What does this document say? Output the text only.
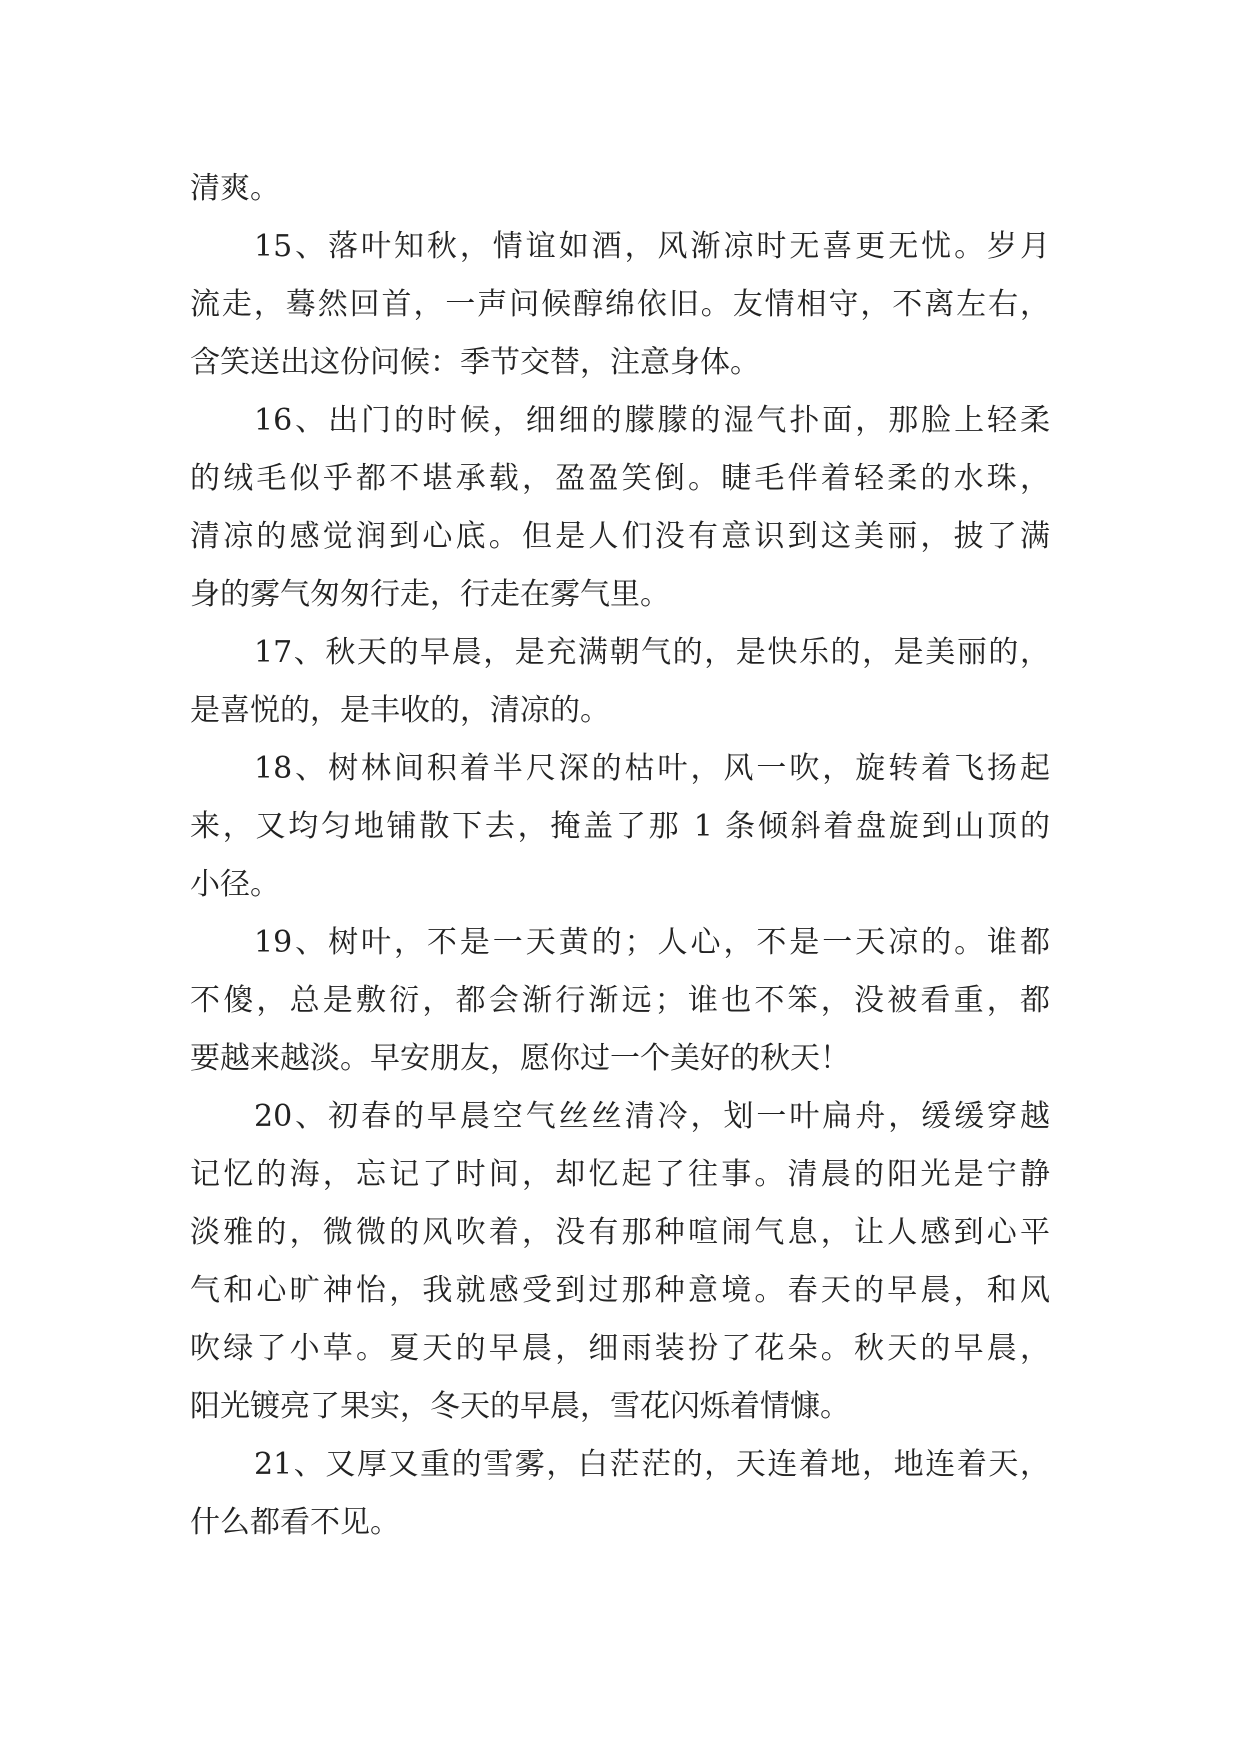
清爽。
15、落叶知秋，情谊如酒，风渐凉时无喜更无忧。岁月
流走，蓦然回首，一声问候醇绵依旧。友情相守，不离左右，
含笑送出这份问候：季节交替，注意身体。
16、出门的时候，细细的朦朦的湿气扑面，那脸上轻柔
的绒毛似乎都不堪承载，盈盈笑倒。睫毛伴着轻柔的水珠，
清凉的感觉润到心底。但是人们没有意识到这美丽，披了满
身的雾气匆匆行走，行走在雾气里。
17、秋天的早晨，是充满朝气的，是快乐的，是美丽的，
是喜悦的，是丰收的，清凉的。
18、树林间积着半尺深的枯叶，风一吹，旋转着飞扬起
来，又均匀地铺散下去，掩盖了那 1 条倾斜着盘旋到山顶的
小径。
19、树叶，不是一天黄的；人心，不是一天凉的。谁都
不傻，总是敷衍，都会渐行渐远；谁也不笨，没被看重，都
要越来越淡。早安朋友，愿你过一个美好的秋天！
20、初春的早晨空气丝丝清冷，划一叶扁舟，缓缓穿越
记忆的海，忘记了时间，却忆起了往事。清晨的阳光是宁静
淡雅的，微微的风吹着，没有那种喧闹气息，让人感到心平
气和心旷神怡，我就感受到过那种意境。春天的早晨，和风
吹绿了小草。夏天的早晨，细雨装扮了花朵。秋天的早晨，
阳光镀亮了果实，冬天的早晨，雪花闪烁着情慷。
21、又厚又重的雪雾，白茫茫的，天连着地，地连着天，
什么都看不见。
